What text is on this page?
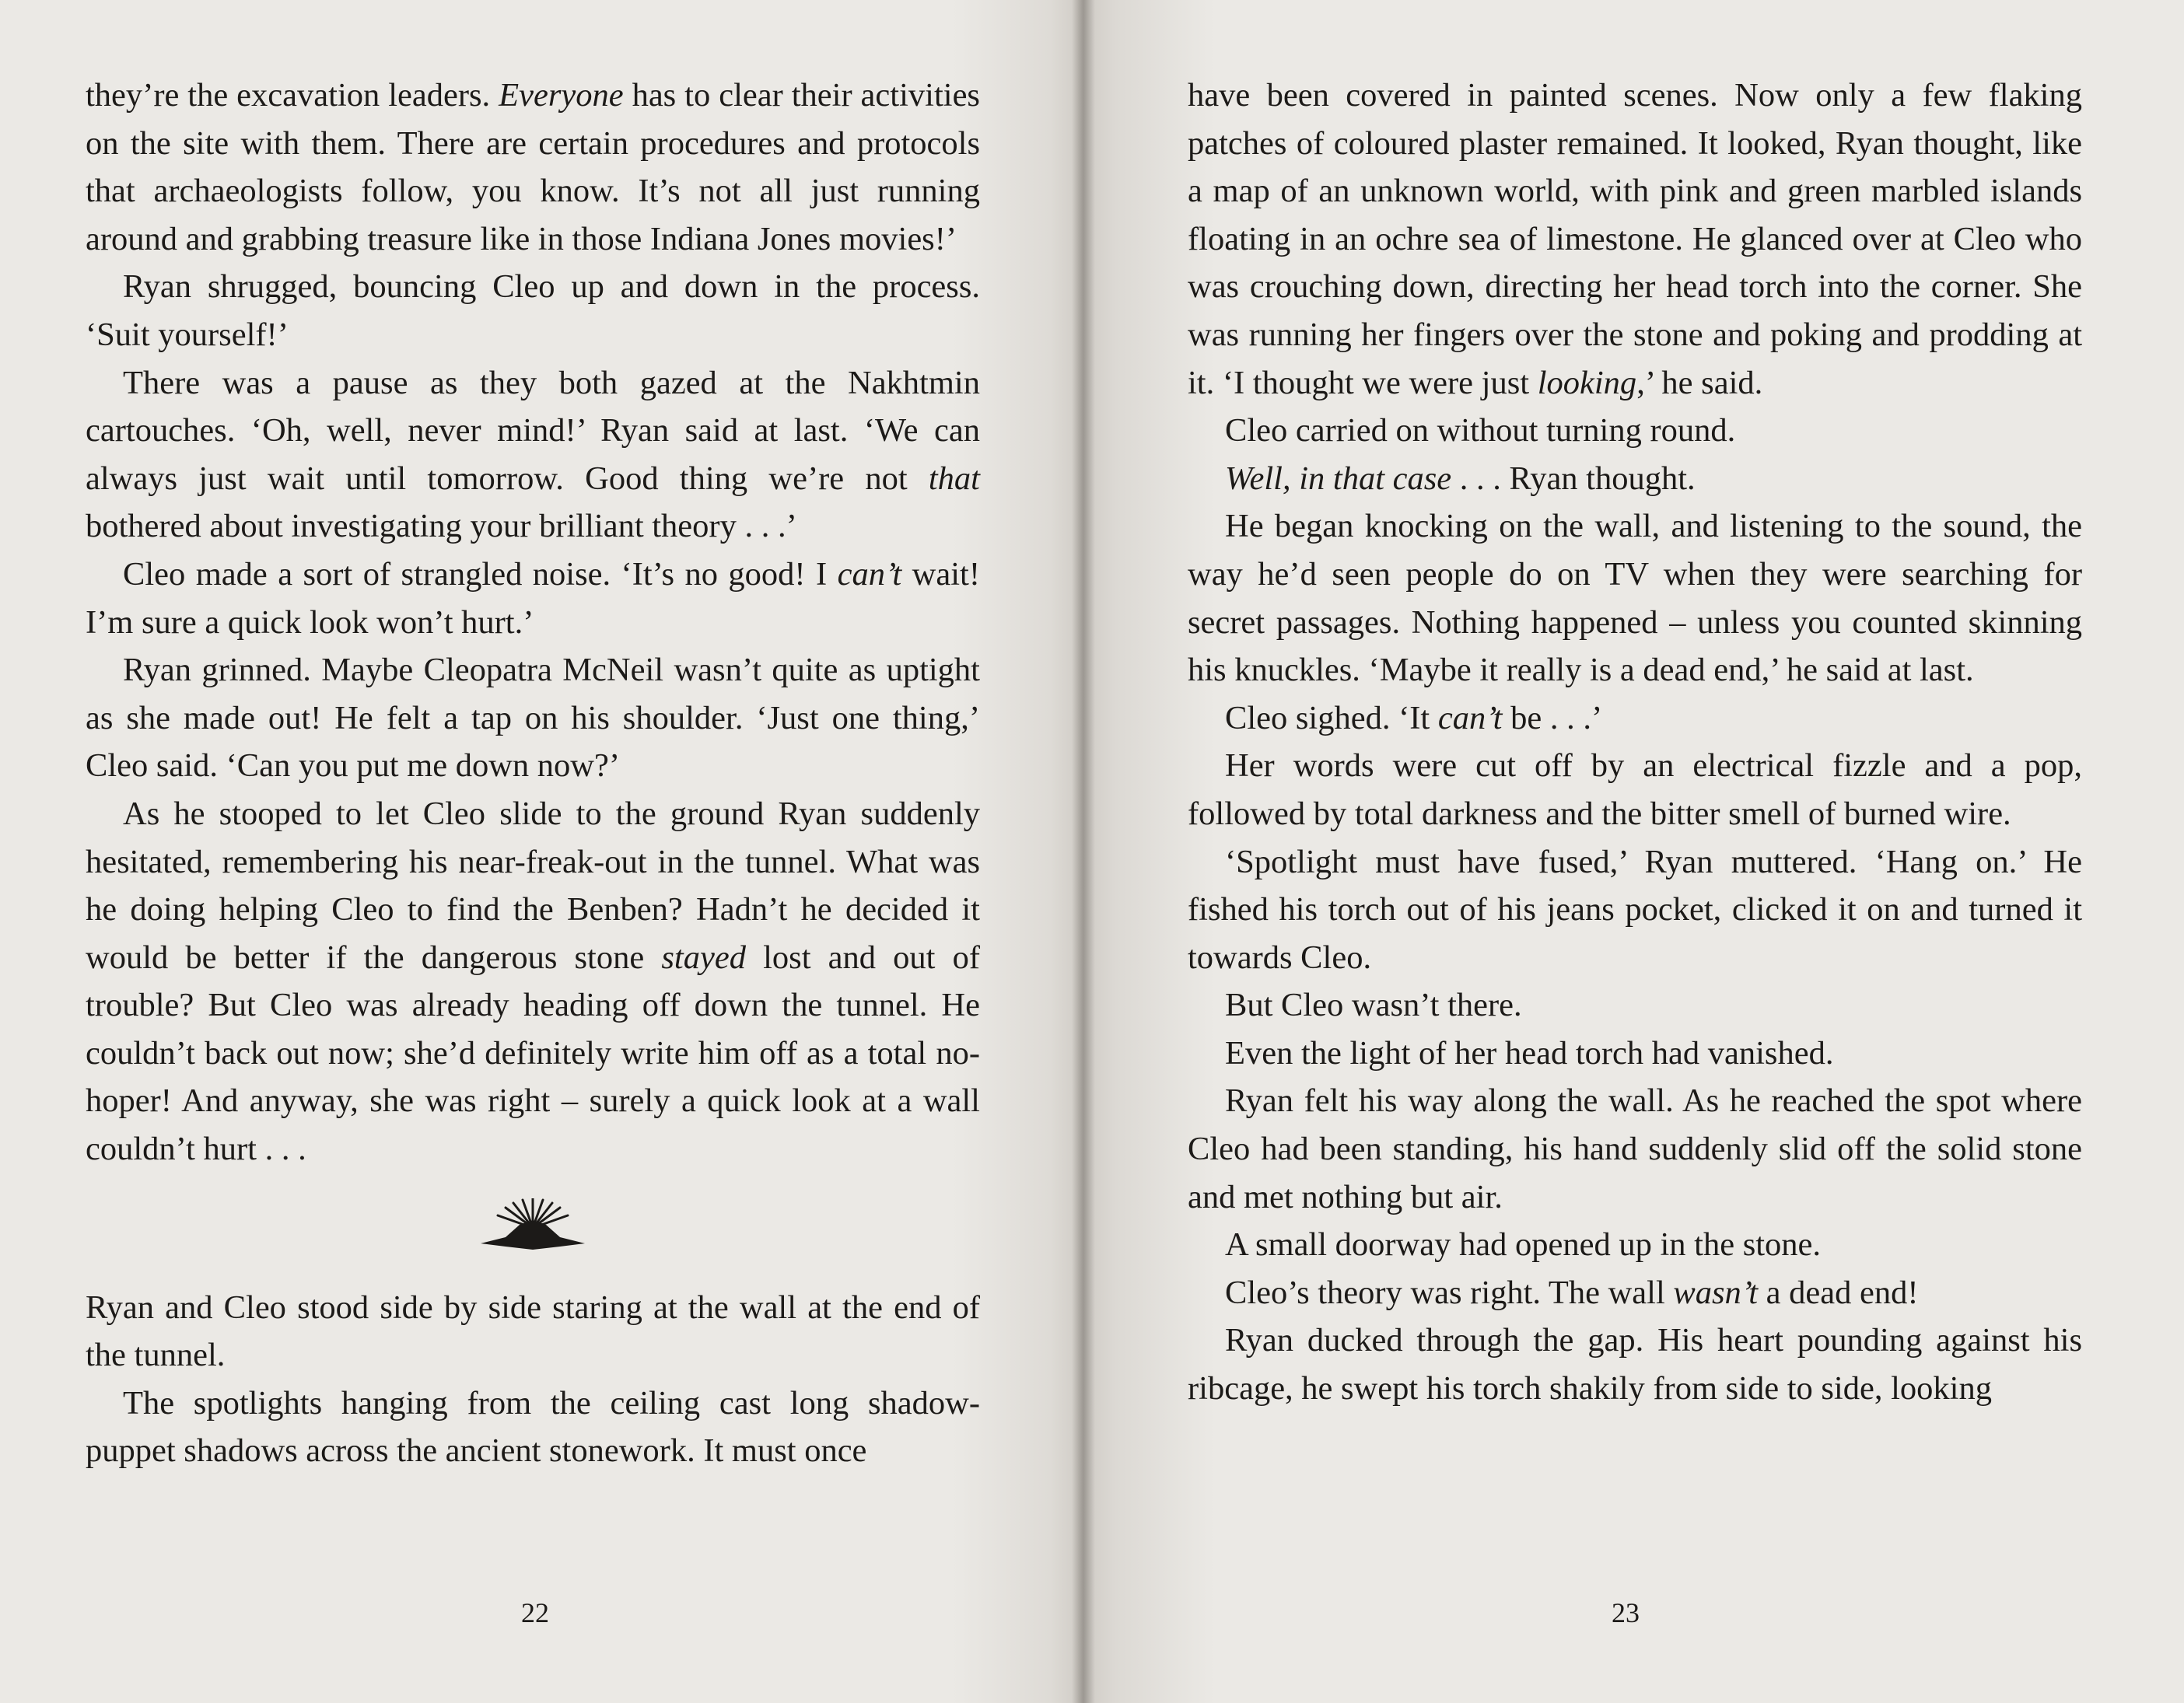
they’re the excavation leaders. Everyone has to clear their activities on the site with them. There are certain procedures and protocols that archaeologists follow, you know. It’s not all just running around and grabbing treasure like in those Indiana Jones movies!’

Ryan shrugged, bouncing Cleo up and down in the process. ‘Suit yourself!’

There was a pause as they both gazed at the Nakhtmin cartouches. ‘Oh, well, never mind!’ Ryan said at last. ‘We can always just wait until tomorrow. Good thing we’re not that bothered about investigating your brilliant theory . . .’

Cleo made a sort of strangled noise. ‘It’s no good! I can’t wait! I’m sure a quick look won’t hurt.’

Ryan grinned. Maybe Cleopatra McNeil wasn’t quite as uptight as she made out! He felt a tap on his shoulder. ‘Just one thing,’ Cleo said. ‘Can you put me down now?’

As he stooped to let Cleo slide to the ground Ryan suddenly hesitated, remembering his near-freak-out in the tunnel. What was he doing helping Cleo to find the Benben? Hadn’t he decided it would be better if the dangerous stone stayed lost and out of trouble? But Cleo was already heading off down the tunnel. He couldn’t back out now; she’d definitely write him off as a total no-hoper! And anyway, she was right – surely a quick look at a wall couldn’t hurt . . .

Ryan and Cleo stood side by side staring at the wall at the end of the tunnel.

The spotlights hanging from the ceiling cast long shadow-puppet shadows across the ancient stonework. It must once

22

have been covered in painted scenes. Now only a few flaking patches of coloured plaster remained. It looked, Ryan thought, like a map of an unknown world, with pink and green marbled islands floating in an ochre sea of limestone. He glanced over at Cleo who was crouching down, directing her head torch into the corner. She was running her fingers over the stone and poking and prodding at it. ‘I thought we were just looking,’ he said.

Cleo carried on without turning round.

Well, in that case . . . Ryan thought.

He began knocking on the wall, and listening to the sound, the way he’d seen people do on TV when they were searching for secret passages. Nothing happened – unless you counted skinning his knuckles. ‘Maybe it really is a dead end,’ he said at last.

Cleo sighed. ‘It can’t be . . .’

Her words were cut off by an electrical fizzle and a pop, followed by total darkness and the bitter smell of burned wire.

‘Spotlight must have fused,’ Ryan muttered. ‘Hang on.’ He fished his torch out of his jeans pocket, clicked it on and turned it towards Cleo.

But Cleo wasn’t there.

Even the light of her head torch had vanished.

Ryan felt his way along the wall. As he reached the spot where Cleo had been standing, his hand suddenly slid off the solid stone and met nothing but air.

A small doorway had opened up in the stone.

Cleo’s theory was right. The wall wasn’t a dead end!

Ryan ducked through the gap. His heart pounding against his ribcage, he swept his torch shakily from side to side, looking

23
